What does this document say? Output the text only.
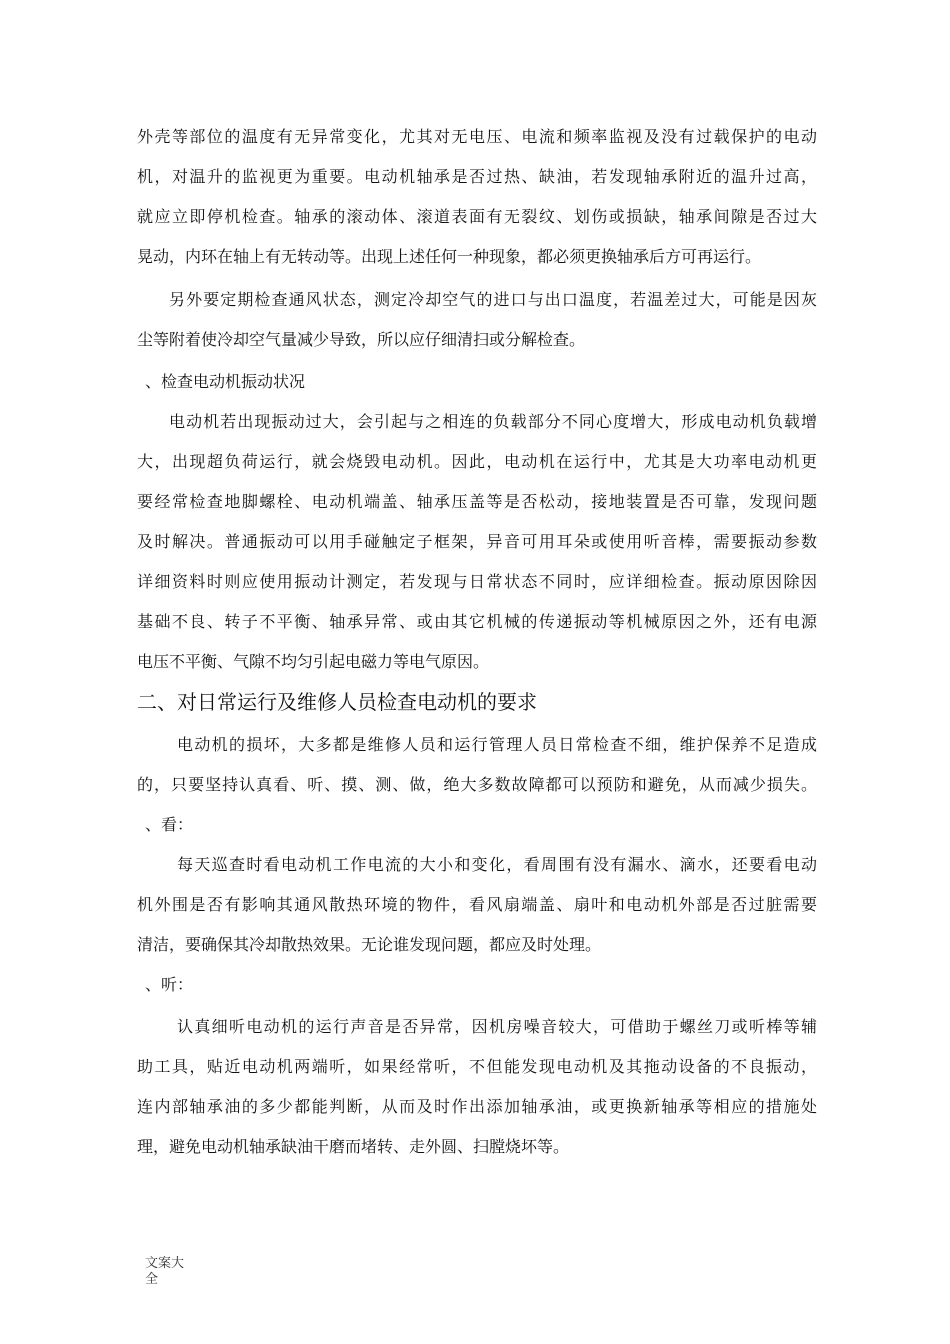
外壳等部位的温度有无异常变化，尤其对无电压、电流和频率监视及没有过载保护的电动
机，对温升的监视更为重要。电动机轴承是否过热、缺油，若发现轴承附近的温升过高，
就应立即停机检查。轴承的滚动体、滚道表面有无裂纹、划伤或损缺，轴承间隙是否过大
晃动，内环在轴上有无转动等。出现上述任何一种现象，都必须更换轴承后方可再运行。
另外要定期检查通风状态，测定冷却空气的进口与出口温度，若温差过大，可能是因灰
尘等附着使冷却空气量减少导致，所以应仔细清扫或分解检查。
、检查电动机振动状况
电动机若出现振动过大，会引起与之相连的负载部分不同心度增大，形成电动机负载增
大，出现超负荷运行，就会烧毁电动机。因此，电动机在运行中，尤其是大功率电动机更
要经常检查地脚螺栓、电动机端盖、轴承压盖等是否松动，接地装置是否可靠，发现问题
及时解决。普通振动可以用手碰触定子框架，异音可用耳朵或使用听音棒，需要振动参数
详细资料时则应使用振动计测定，若发现与日常状态不同时，应详细检查。振动原因除因
基础不良、转子不平衡、轴承异常、或由其它机械的传递振动等机械原因之外，还有电源
电压不平衡、气隙不均匀引起电磁力等电气原因。
二、对日常运行及维修人员检查电动机的要求
电动机的损坏，大多都是维修人员和运行管理人员日常检查不细，维护保养不足造成
的，只要坚持认真看、听、摸、测、做，绝大多数故障都可以预防和避免，从而减少损失。
、看：
每天巡查时看电动机工作电流的大小和变化，看周围有没有漏水、滴水，还要看电动
机外围是否有影响其通风散热环境的物件，看风扇端盖、扇叶和电动机外部是否过脏需要
清洁，要确保其冷却散热效果。无论谁发现问题，都应及时处理。
、听：
认真细听电动机的运行声音是否异常，因机房噪音较大，可借助于螺丝刀或听棒等辅
助工具，贴近电动机两端听，如果经常听，不但能发现电动机及其拖动设备的不良振动，
连内部轴承油的多少都能判断，从而及时作出添加轴承油，或更换新轴承等相应的措施处
理，避免电动机轴承缺油干磨而堵转、走外圆、扫膛烧坏等。
文案大
全
